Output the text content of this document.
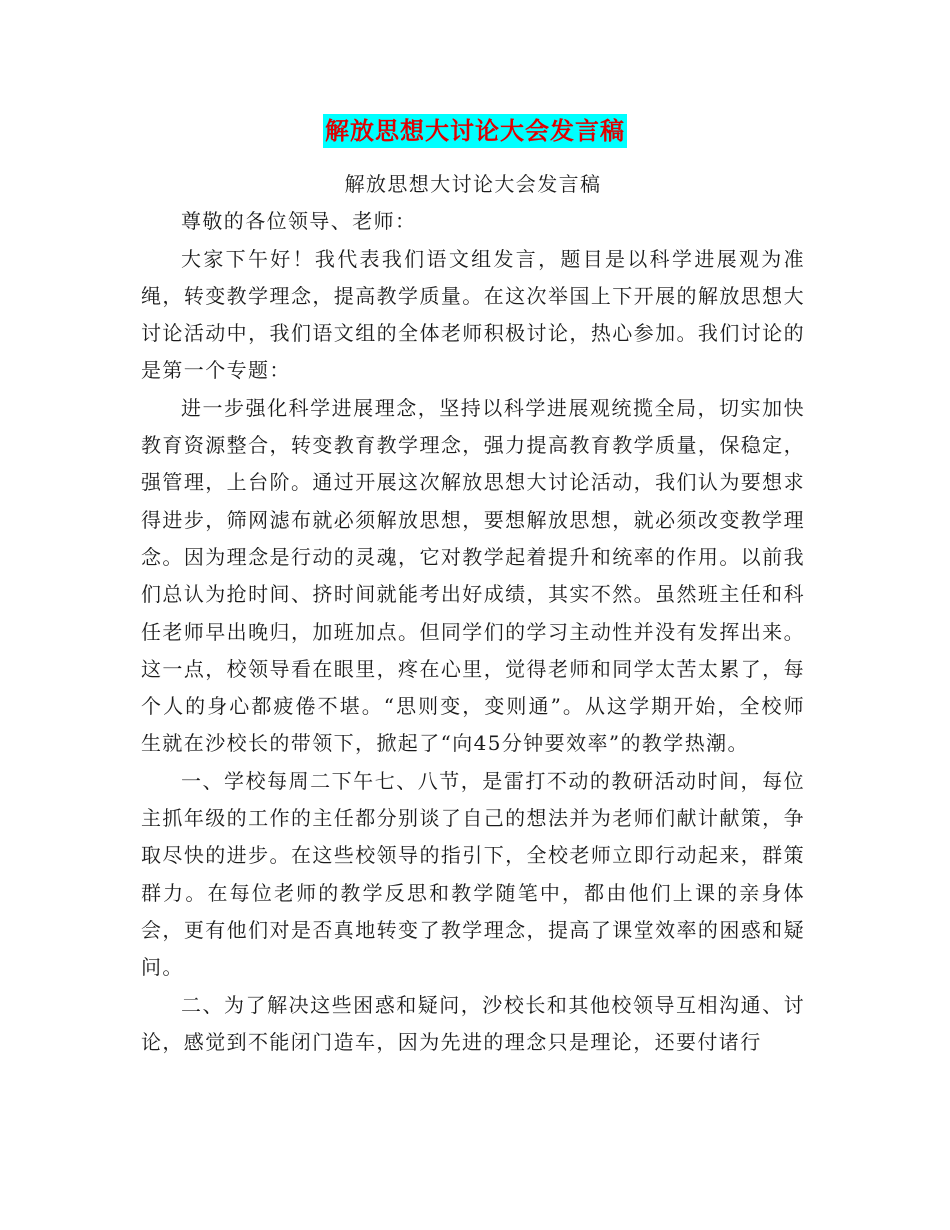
解放思想大讨论大会发言稿

解放思想大讨论大会发言稿

尊敬的各位领导、老师：

大家下午好！我代表我们语文组发言，题目是以科学进展观为准绳，转变教学理念，提高教学质量。在这次举国上下开展的解放思想大讨论活动中，我们语文组的全体老师积极讨论，热心参加。我们讨论的是第一个专题：

进一步强化科学进展理念，坚持以科学进展观统揽全局，切实加快教育资源整合，转变教育教学理念，强力提高教育教学质量，保稳定，强管理，上台阶。通过开展这次解放思想大讨论活动，我们认为要想求得进步，筛网滤布就必须解放思想，要想解放思想，就必须改变教学理念。因为理念是行动的灵魂，它对教学起着提升和统率的作用。以前我们总认为抢时间、挤时间就能考出好成绩，其实不然。虽然班主任和科任老师早出晚归，加班加点。但同学们的学习主动性并没有发挥出来。这一点，校领导看在眼里，疼在心里，觉得老师和同学太苦太累了，每个人的身心都疲倦不堪。“思则变，变则通”。从这学期开始，全校师生就在沙校长的带领下，掀起了“向45分钟要效率”的教学热潮。

一、学校每周二下午七、八节，是雷打不动的教研活动时间，每位主抓年级的工作的主任都分别谈了自己的想法并为老师们献计献策，争取尽快的进步。在这些校领导的指引下，全校老师立即行动起来，群策群力。在每位老师的教学反思和教学随笔中，都由他们上课的亲身体会，更有他们对是否真地转变了教学理念，提高了课堂效率的困惑和疑问。

二、为了解决这些困惑和疑问，沙校长和其他校领导互相沟通、讨论，感觉到不能闭门造车，因为先进的理念只是理论，还要付诸行
